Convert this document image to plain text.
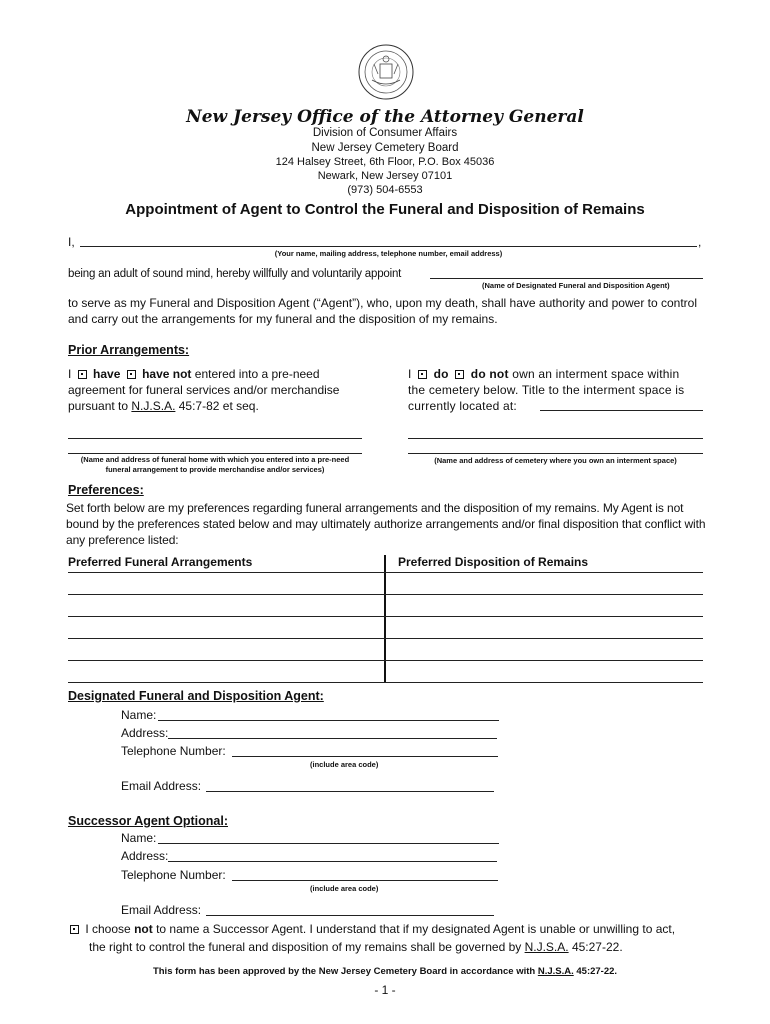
New Jersey Office of the Attorney General
Division of Consumer Affairs
New Jersey Cemetery Board
124 Halsey Street, 6th Floor, P.O. Box 45036
Newark, New Jersey 07101
(973) 504-6553
Appointment of Agent to Control the Funeral and Disposition of Remains
I,	,
(Your name, mailing address, telephone number, email address)
being an adult of sound mind, hereby willfully and voluntarily appoint
(Name of Designated Funeral and Disposition Agent)
to serve as my Funeral and Disposition Agent (“Agent”), who, upon my death, shall have authority and power to control and carry out the arrangements for my funeral and the disposition of my remains.
Prior Arrangements:
I have have not entered into a pre-need
agreement for funeral services and/or merchandise
pursuant to N.J.S.A. 45:7-82 et seq.
(Name and address of funeral home with which you entered into a pre-need funeral arrangement to provide merchandise and/or services)
I do do not own an interment space within
the cemetery below. Title to the interment space is
currently located at:
(Name and address of cemetery where you own an interment space)
Preferences:
Set forth below are my preferences regarding funeral arrangements and the disposition of my remains. My Agent is not bound by the preferences stated below and may ultimately authorize arrangements and/or final disposition that conflict with any preference listed:
Preferred Funeral Arrangements	Preferred Disposition of Remains
Designated Funeral and Disposition Agent:
Name:
Address:
Telephone Number:
(include area code)
Email Address:
Successor Agent Optional:
Name:
Address:
Telephone Number:
(include area code)
Email Address:
I choose not to name a Successor Agent. I understand that if my designated Agent is unable or unwilling to act,
the right to control the funeral and disposition of my remains shall be governed by N.J.S.A. 45:27-22.
This form has been approved by the New Jersey Cemetery Board in accordance with N.J.S.A. 45:27-22.
- 1 -
